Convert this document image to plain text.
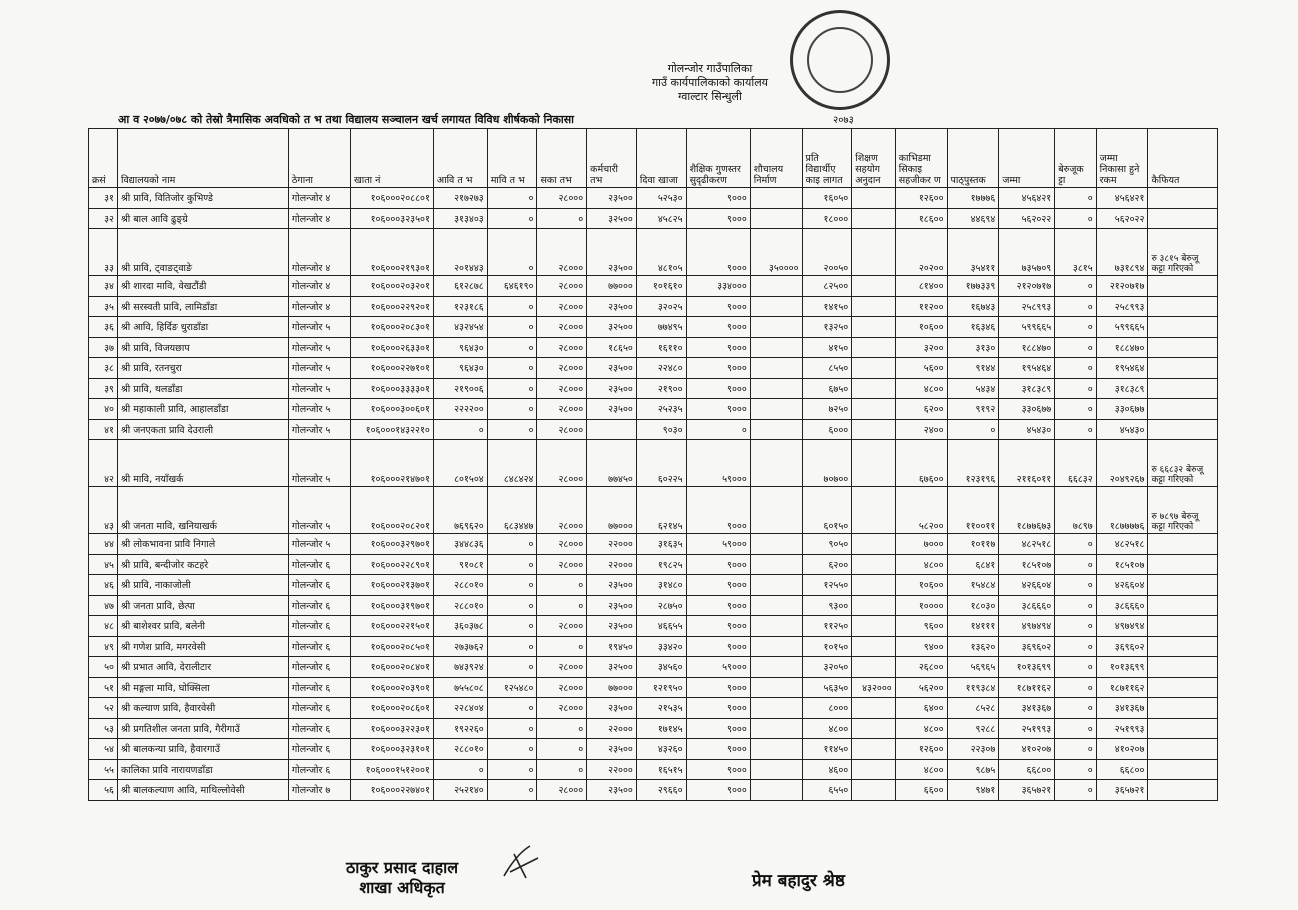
गोलन्जोर गाउँपालिका
गाउँ कार्यपालिकाको कार्यालय
ग्वाल्टार सिन्धुली
२०७३
आ व २०७७/०७८ को तेस्रो त्रैमासिक अवधिको त भ तथा विद्यालय सञ्चालन खर्च लगायत विविध शीर्षकको निकासा
क्रसं	विद्यालयको नाम	ठेगाना	खाता नं	आवि त भ	मावि त भ	सका तभ	कर्मचारी तभ	दिवा खाजा	शैक्षिक गुणस्तर सुदृढीकरण	शौचालय निर्माण	प्रति विद्यार्थीए काइ लागत	शिक्षण सहयोग अनुदान	काभिडमा सिकाइ सहजीकर ण	पाठ्पुस्तक	जम्मा	बेरुजूक ट्टा	जम्मा निकासा हुने रकम	कैफियत
३१	श्री प्रावि, वितिजोर कुभिण्डे	गोलन्जोर ४	१०६०००२०८८०१	२१७२७३	०	२८०००	२३५००	५२५३०	९०००		१६०५०		१२६००	१७७७६	४५६४२१	०	४५६४२१	
३२	श्री बाल आवि ढुङ्ग्रे	गोलन्जोर ४	१०६०००३२३५०१	३१३४०३	०	०	३२५००	४५८२५	९०००		१८०००		१८६००	४४६९४	५६२०२२	०	५६२०२२	
३३	श्री प्रावि, ट्वाङट्वाङे	गोलन्जोर ४	१०६०००२१९३०१	२०१४४३	०	२८०००	२३५००	४८१०५	९०००	३५००००	२००५०		२०२००	३५४११	७३५७०९	३८१५	७३१८९४	रु ३८१५ बेरुजू कट्टा गरिएको
३४	श्री शारदा मावि, वेखटौंडी	गोलन्जोर ४	१०६०००२०३२०१	६१२८७८	६४६१९०	२८०००	७७०००	१०१६१०	३३४०००		८२५००		८१४००	१७७३३९	२१२०७१७	०	२१२०७१७	
३५	श्री सरस्वती प्रावि, लामिडाँडा	गोलन्जोर ४	१०६०००२२९२०१	१२३१८६	०	२८०००	२३५००	३२०२५	९०००		१४१५०		११२००	१६७४३	२५८९९३	०	२५८९९३	
३६	श्री आवि, हिर्दिङ धुराडाँडा	गोलन्जोर ५	१०६०००२०८३०१	४३२४५४	०	२८०००	३२५००	७७४९५	९०००		१३२५०		१०६००	१६३४६	५९९६६५	०	५९९६६५	
३७	श्री प्रावि, विजयछाप	गोलन्जोर ५	१०६०००२६३३०१	९६४३०	०	२८०००	१८६५०	१६११०	९०००		४१५०		३२००	३१३०	१८८४७०	०	१८८४७०	
३८	श्री प्रावि, रतनचुरा	गोलन्जोर ५	१०६०००२२७१०१	९६४३०	०	२८०००	२३५००	२२४८०	९०००		८५५०		५६००	९१४४	१९५४६४	०	१९५४६४	
३९	श्री प्रावि, थलडाँडा	गोलन्जोर ५	१०६०००३३३३०१	२१९००६	०	२८०००	२३५००	२१९००	९०००		६७५०		४८००	५४३४	३१८३८९	०	३१८३८९	
४०	श्री महाकाली प्रावि, आहालडाँडा	गोलन्जोर ५	१०६०००३००६०१	२२२२००	०	२८०००	२३५००	२५२३५	९०००		७२५०		६२००	९१९२	३३०६७७	०	३३०६७७	
४१	श्री जनएकता प्रावि देउराली	गोलन्जोर ५	१०६०००१४३२२१०	०	०	२८०००		९०३०	०		६०००		२४००	०	४५४३०	०	४५४३०	
४२	श्री मावि, नयाँखर्क	गोलन्जोर ५	१०६०००२१४७०१	८०१५०४	८४८४२४	२८०००	७७४५०	६०२२५	५९०००		७०७००		६७६००	१२३१९६	२११६०११	६६८३२	२०४९२६७	रु ६६८३२ बेरुजू कट्टा गरिएको
४३	श्री जनता मावि, खनियाखर्क	गोलन्जोर ५	१०६०००२०८२०१	७६९६२०	६८३४४७	२८०००	७७०००	६२१४५	९०००		६०१५०		५८२००	११००११	१८७७६७३	७८९७	१८७७७७६	रु ७८९७ बेरुजू कट्टा गरिएको
४४	श्री लोकभावना प्रावि निगाले	गोलन्जोर ५	१०६०००३२९७०१	३४४८३६	०	२८०००	२२०००	३१६३५	५९०००		९०५०		७०००	१०११७	४८२५१८	०	४८२५१८	
४५	श्री प्रावि, बन्दीजोर कटहरे	गोलन्जोर ६	१०६०००२२८९०१	९१०८१	०	२८०००	२२०००	१९८२५	९०००		६२००		४८००	६८४१	१८५१०७	०	१८५१०७	
४६	श्री प्रावि, नाकाजोली	गोलन्जोर ६	१०६०००२१३७०१	२८८०१०	०	०	२३५००	३१४८०	९०००		१२५५०		१०६००	१५४८४	४२६६०४	०	४२६६०४	
४७	श्री जनता प्रावि, छेत्पा	गोलन्जोर ६	१०६०००३१९७०१	२८८०१०	०	०	२३५००	२८७५०	९०००		९३००		१००००	१८०३०	३८६६६०	०	३८६६६०	
४८	श्री बाशेश्वर प्रावि, बलेनी	गोलन्जोर ६	१०६०००२२१५०१	३६०३७८	०	२८०००	२३५००	४६६५५	९०००		११२५०		९६००	१४१११	४९७४९४	०	४९७४९४	
४९	श्री गणेश प्रावि, मगरवेसी	गोलन्जोर ६	१०६०००२०८५०१	२७३७६२	०	०	१९४५०	३३४२०	९०००		१०१५०		९४००	१३६२०	३६९६०२	०	३६९६०२	
५०	श्री प्रभात आवि, देरालीटार	गोलन्जोर ६	१०६०००२०८४०१	७४३९२४	०	२८०००	३२५००	३४५६०	५९०००		३२०५०		२६८००	५६९६५	१०१३६९९	०	१०१३६९९	
५१	श्री मङ्गला मावि, घोक्सिला	गोलन्जोर ६	१०६०००२०३९०१	७५५८०८	१२५४८०	२८०००	७७०००	१२१९५०	९०००		५६३५०	४३२०००	५६२००	११९३८४	१८७११६२	०	१८७११६२	
५२	श्री कल्याण प्रावि, हैवारवेसी	गोलन्जोर ६	१०६०००२०८६०१	२२८४०४	०	२८०००	२३५००	२१५३५	९०००		८०००		६४००	८५२८	३४१३६७	०	३४१३६७	
५३	श्री प्रगतिशील जनता प्रावि, गैरीगाउँ	गोलन्जोर ६	१०६०००३२२३०१	१९२२६०	०	०	२२०००	१७१४५	९०००		४८००		४८००	९२८८	२५१९९३	०	२५१९९३	
५४	श्री बालकन्या प्रावि, हैवारगाउँ	गोलन्जोर ६	१०६०००३२३१०१	२८८०१०	०	०	२३५००	४३२६०	९०००		११४५०		१२६००	२२३०७	४१०२०७	०	४१०२०७	
५५	कालिका प्रावि नारायणडाँडा	गोलन्जोर ६	१०६०००१५१२००१	०	०	०	२२०००	१६५१५	९०००		४६००		४८००	९८७५	६६८००	०	६६८००	
५६	श्री बालकल्याण आवि, माथिल्लोवेसी	गोलन्जोर ७	१०६०००२२७४०१	२५२१४०	०	२८०००	२३५००	२९६६०	९०००		६५५०		६६००	९४७१	३६५७२१	०	३६५७२१	
ठाकुर प्रसाद दाहाल
शाखा अधिकृत	प्रेम बहादुर श्रेष्ठ
